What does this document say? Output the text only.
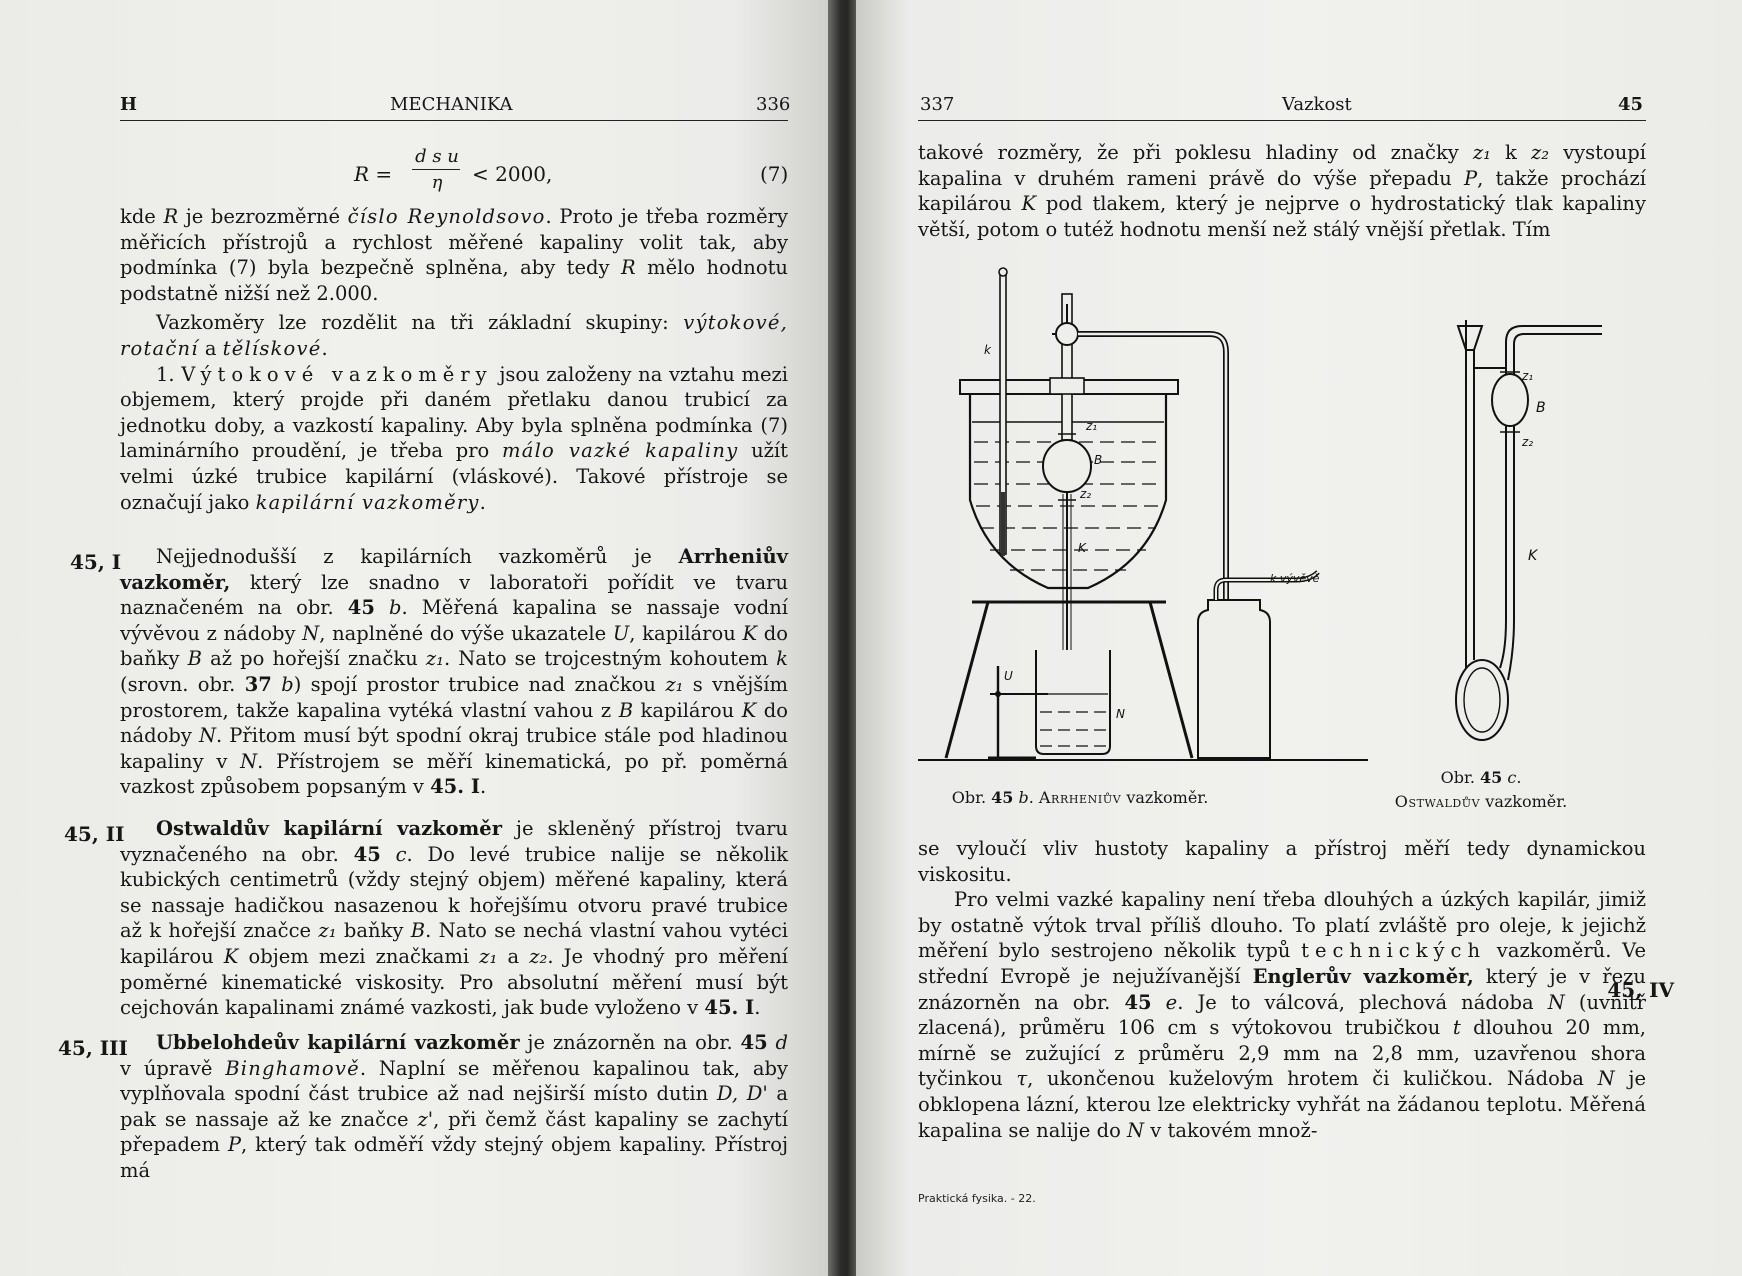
H	MECHANIKA	336
R =
d s u
η	< 2000,	(7)

kde R je bezrozměrné číslo Reynoldsovo. Proto je třeba rozměry měřicích přístrojů a rychlost měřené kapaliny volit tak, aby podmínka (7) byla bezpečně splněna, aby tedy R mělo hodnotu podstatně nižší než 2.000.

Vazkoměry lze rozdělit na tři základní skupiny: výtokové, rotační a tělískové.

1. Výtokové vazkoměry jsou založeny na vztahu mezi objemem, který projde při daném přetlaku danou trubicí za jednotku doby, a vazkostí kapaliny. Aby byla splněna podmínka (7) laminárního proudění, je třeba pro málo vazké kapaliny užít velmi úzké trubice kapilární (vláskové). Takové přístroje se označují jako kapilární vazkoměry.

45, I	Nejjednodušší z kapilárních vazkoměrů je Arrheniův vazkoměr, který lze snadno v laboratoři pořídit ve tvaru naznačeném na obr. 45 b. Měřená kapalina se nassaje vodní vývěvou z nádoby N, naplněné do výše ukazatele U, kapilárou K do baňky B až po hořejší značku z₁. Nato se trojcestným kohoutem k (srovn. obr. 37 b) spojí prostor trubice nad značkou z₁ s vnějším prostorem, takže kapalina vytéká vlastní vahou z B kapilárou K do nádoby N. Přitom musí být spodní okraj trubice stále pod hladinou kapaliny v N. Přístrojem se měří kinematická, po př. poměrná vazkost způsobem popsaným v 45. I.

45, II	Ostwaldův kapilární vazkoměr je skleněný přístroj tvaru vyznačeného na obr. 45 c. Do levé trubice nalije se několik kubických centimetrů (vždy stejný objem) měřené kapaliny, která se nassaje hadičkou nasazenou k hořejšímu otvoru pravé trubice až k hořejší značce z₁ baňky B. Nato se nechá vlastní vahou vytéci kapilárou K objem mezi značkami z₁ a z₂. Je vhodný pro měření poměrné kinematické viskosity. Pro absolutní měření musí být cejchován kapalinami známé vazkosti, jak bude vyloženo v 45. I.

45, III	Ubbelohdeův kapilární vazkoměr je znázorněn na obr. 45 d v úpravě Binghamově. Naplní se měřenou kapalinou tak, aby vyplňovala spodní část trubice až nad nejširší místo dutin D, D' a pak se nassaje až ke značce z', při čemž část kapaliny se zachytí přepadem P, který tak odměří vždy stejný objem kapaliny. Přístroj má

337	Vazkost	45

takové rozměry, že při poklesu hladiny od značky z₁ k z₂ vystoupí kapalina v druhém rameni právě do výše přepadu P, takže prochází kapilárou K pod tlakem, který je nejprve o hydrostatický tlak kapaliny větší, potom o tutéž hodnotu menší než stálý vnější přetlak. Tím

k
z₁
B
z₂
K
U
N
k vývěvě
z₁
B
z₂
K
Obr. 45 b. Arrheniův vazkoměr.
Obr. 45 c.
Ostwaldův vazkoměr.

se vyloučí vliv hustoty kapaliny a přístroj měří tedy dynamickou viskositu.

Pro velmi vazké kapaliny není třeba dlouhých a úzkých kapilár, jimiž by ostatně výtok trval příliš dlouho. To platí zvláště pro oleje, k jejichž měření bylo sestrojeno několik typů technických vazkoměrů. Ve střední Evropě je nejužívanější Englerův vazkoměr, který je v řezu znázorněn na obr. 45 e. Je to válcová, plechová nádoba N (uvnitř zlacená), průměru 106 cm s výtokovou trubičkou t dlouhou 20 mm, mírně se zužující z průměru 2,9 mm na 2,8 mm, uzavřenou shora tyčinkou τ, ukončenou kuželovým hrotem či kuličkou. Nádoba N je obklopena lázní, kterou lze elektricky vyhřát na žádanou teplotu. Měřená kapalina se nalije do N v takovém množ-

45, IV
Praktická fysika. - 22.
